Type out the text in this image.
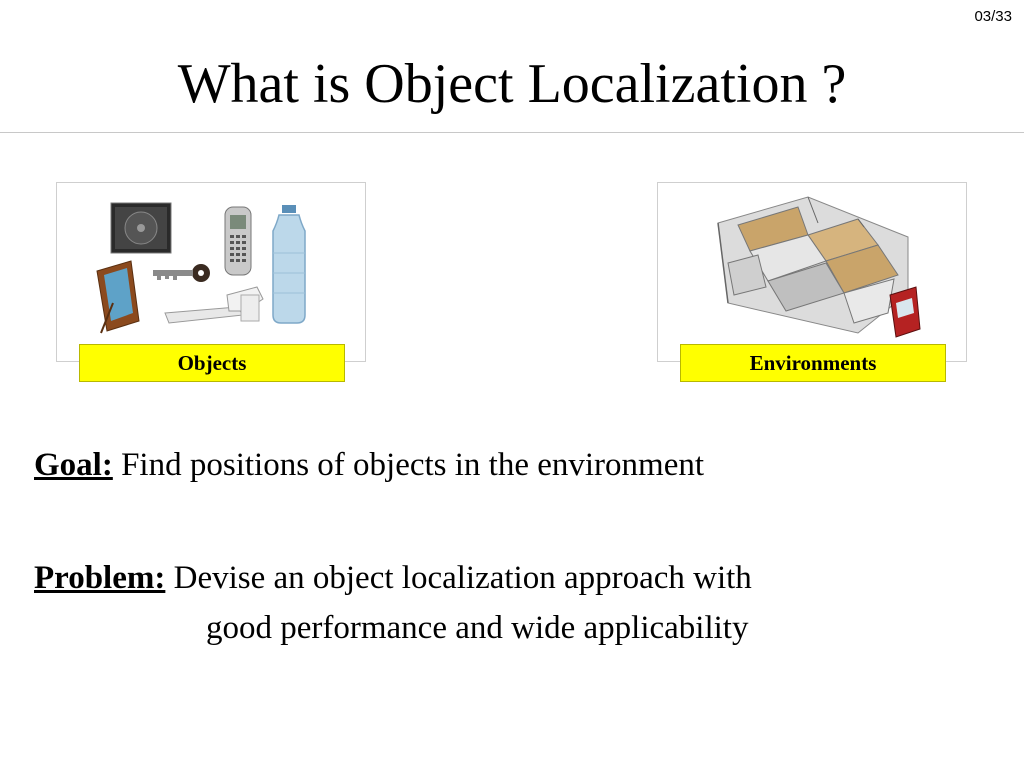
03/33
What is Object Localization ?
Objects	Environments
Goal: Find positions of objects in the environment
Problem: Devise an object localization approach with
good performance and wide applicability
